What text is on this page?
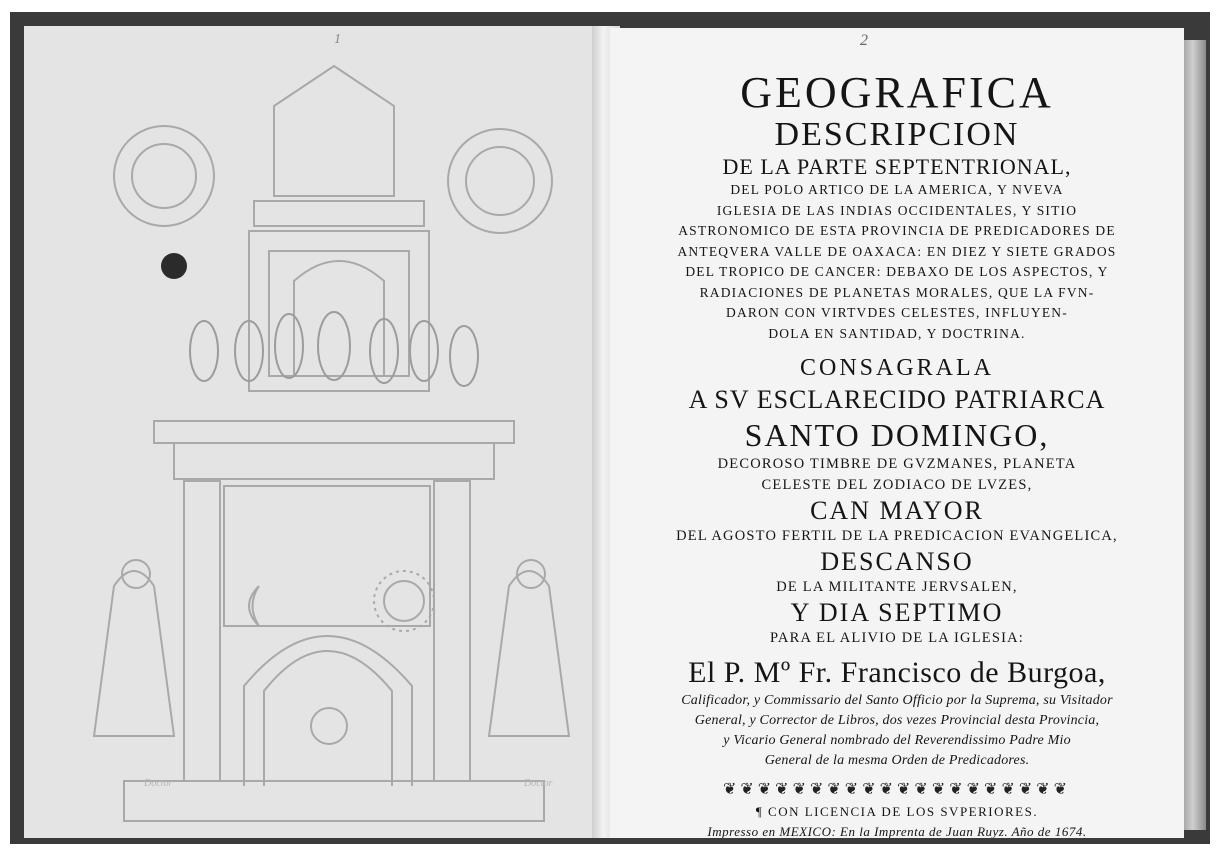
1
Doctor
Doctor
2
GEOGRAFICA
DESCRIPCION
DE LA PARTE SEPTENTRIONAL,
DEL POLO ARTICO DE LA AMERICA, Y NVEVA
IGLESIA DE LAS INDIAS OCCIDENTALES, Y SITIO
ASTRONOMICO DE ESTA PROVINCIA DE PREDICADORES DE
ANTEQVERA VALLE DE OAXACA: EN DIEZ Y SIETE GRADOS
DEL TROPICO DE CANCER: DEBAXO DE LOS ASPECTOS, Y
RADIACIONES DE PLANETAS MORALES, QUE LA FVN-
DARON CON VIRTVDES CELESTES, INFLUYEN-
DOLA EN SANTIDAD, Y DOCTRINA.
CONSAGRALA
A SV ESCLARECIDO PATRIARCA
SANTO DOMINGO,
DECOROSO TIMBRE DE GVZMANES, PLANETA
CELESTE DEL ZODIACO DE LVZES,
CAN MAYOR
DEL AGOSTO FERTIL DE LA PREDICACION EVANGELICA,
DESCANSO
DE LA MILITANTE JERVSALEN,
Y DIA SEPTIMO
PARA EL ALIVIO DE LA IGLESIA:
El P. Mº Fr. Francisco de Burgoa,
Calificador, y Commissario del Santo Officio por la Suprema, su Visitador
General, y Corrector de Libros, dos vezes Provincial desta Provincia,
y Vicario General nombrado del Reverendissimo Padre Mio
General de la mesma Orden de Predicadores.
❦❦❦❦❦❦❦❦❦❦❦❦❦❦❦❦❦❦❦❦
¶ CON LICENCIA DE LOS SVPERIORES.
Impresso en MEXICO: En la Imprenta de Juan Ruyz. Año de 1674.
